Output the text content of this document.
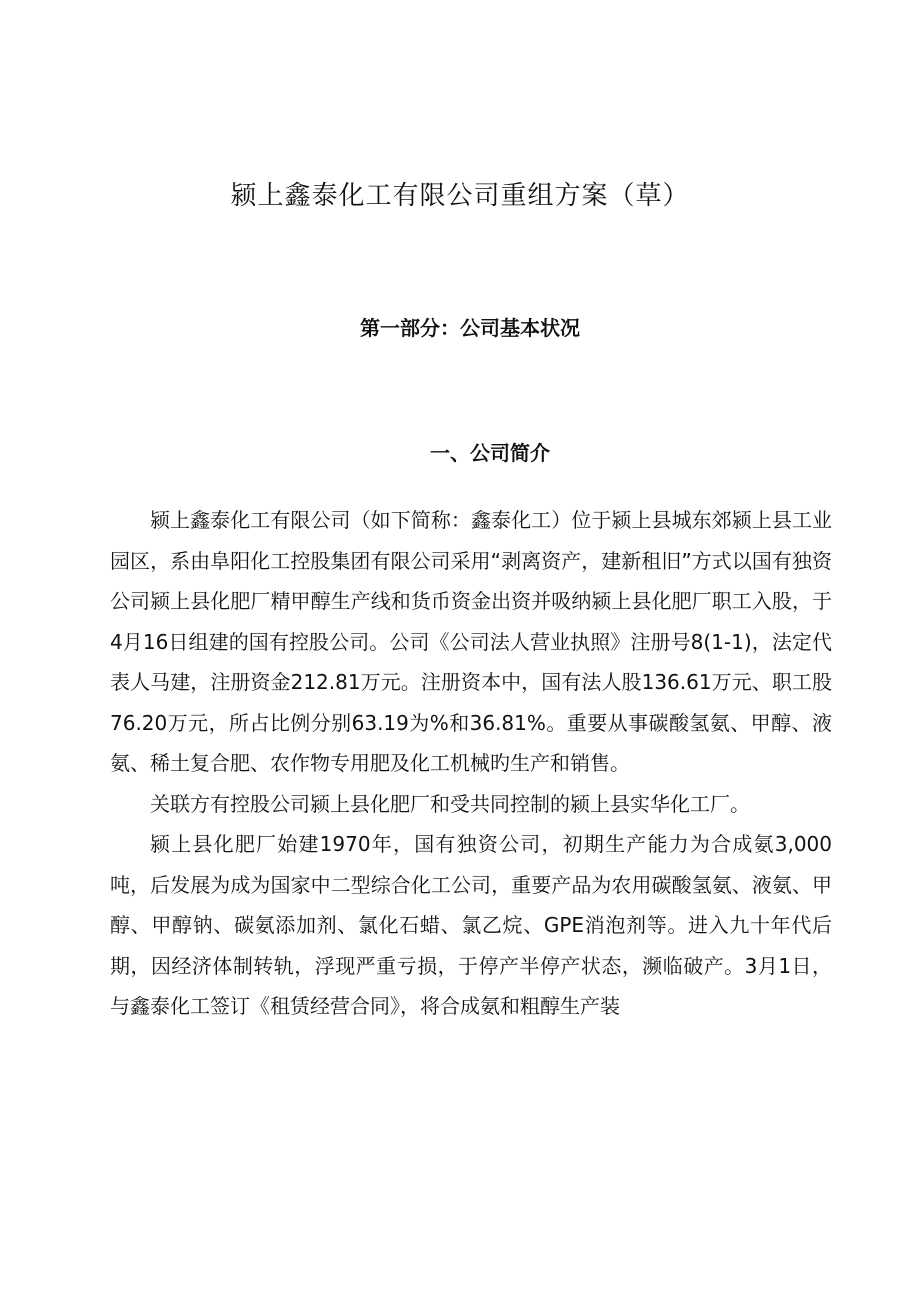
颍上鑫泰化工有限公司重组方案（草）
第一部分：公司基本状况
一、公司简介

颍上鑫泰化工有限公司（如下简称：鑫泰化工）位于颍上县城东郊颍上县工业园区，系由阜阳化工控股集团有限公司采用“剥离资产，建新租旧”方式以国有独资公司颍上县化肥厂精甲醇生产线和货币资金出资并吸纳颍上县化肥厂职工入股，于4月16日组建的国有控股公司。公司《公司法人营业执照》注册号8(1-1)，法定代表人马建，注册资金212.81万元。注册资本中，国有法人股136.61万元、职工股76.20万元，所占比例分别63.19为%和36.81%。重要从事碳酸氢氨、甲醇、液氨、稀土复合肥、农作物专用肥及化工机械旳生产和销售。

关联方有控股公司颍上县化肥厂和受共同控制的颍上县实华化工厂。

颍上县化肥厂始建1970年，国有独资公司，初期生产能力为合成氨3,000吨，后发展为成为国家中二型综合化工公司，重要产品为农用碳酸氢氨、液氨、甲醇、甲醇钠、碳氨添加剂、氯化石蜡、氯乙烷、GPE消泡剂等。进入九十年代后期，因经济体制转轨，浮现严重亏损，于停产半停产状态，濒临破产。3月1日，与鑫泰化工签订《租赁经营合同》，将合成氨和粗醇生产装
